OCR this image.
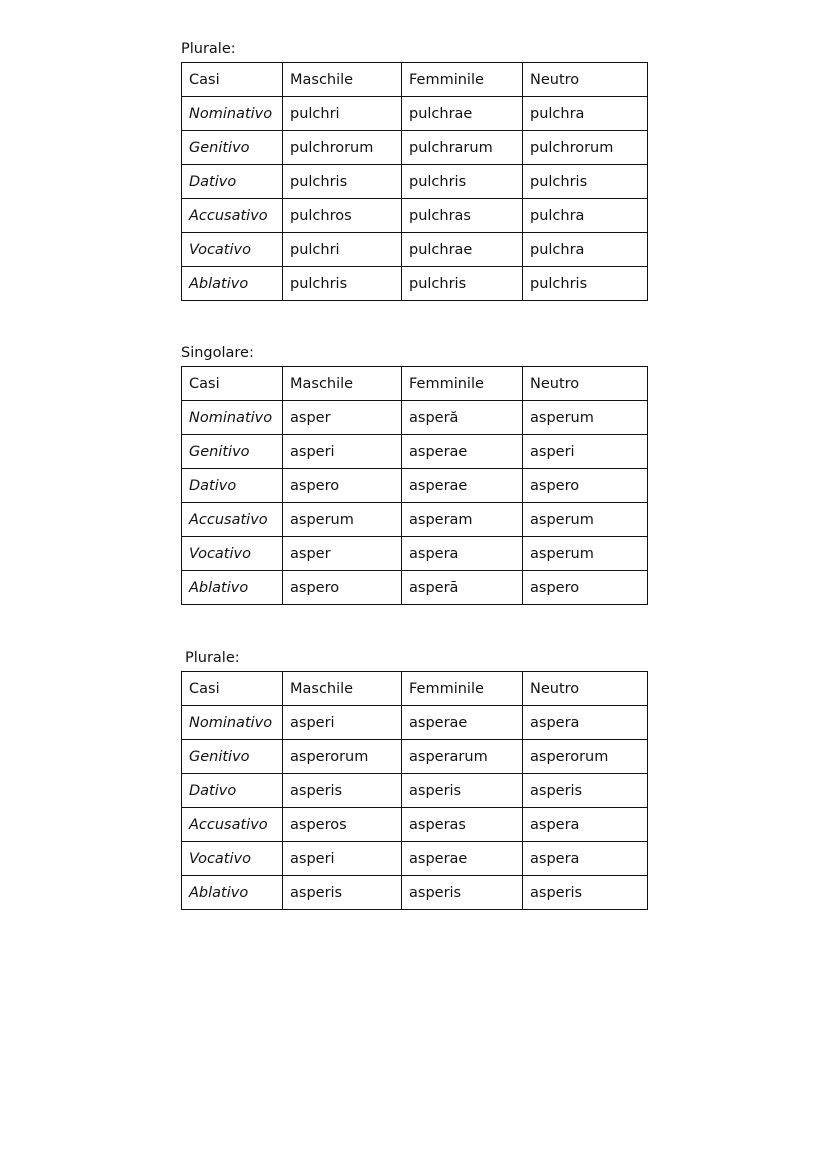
Plurale:
Casi	Maschile	Femminile	Neutro
Nominativo	pulchri	pulchrae	pulchra
Genitivo	pulchrorum	pulchrarum	pulchrorum
Dativo	pulchris	pulchris	pulchris
Accusativo	pulchros	pulchras	pulchra
Vocativo	pulchri	pulchrae	pulchra
Ablativo	pulchris	pulchris	pulchris
Singolare:
Casi	Maschile	Femminile	Neutro
Nominativo	asper	asperă	asperum
Genitivo	asperi	asperae	asperi
Dativo	aspero	asperae	aspero
Accusativo	asperum	asperam	asperum
Vocativo	asper	aspera	asperum
Ablativo	aspero	asperā	aspero
Plurale:
Casi	Maschile	Femminile	Neutro
Nominativo	asperi	asperae	aspera
Genitivo	asperorum	asperarum	asperorum
Dativo	asperis	asperis	asperis
Accusativo	asperos	asperas	aspera
Vocativo	asperi	asperae	aspera
Ablativo	asperis	asperis	asperis
